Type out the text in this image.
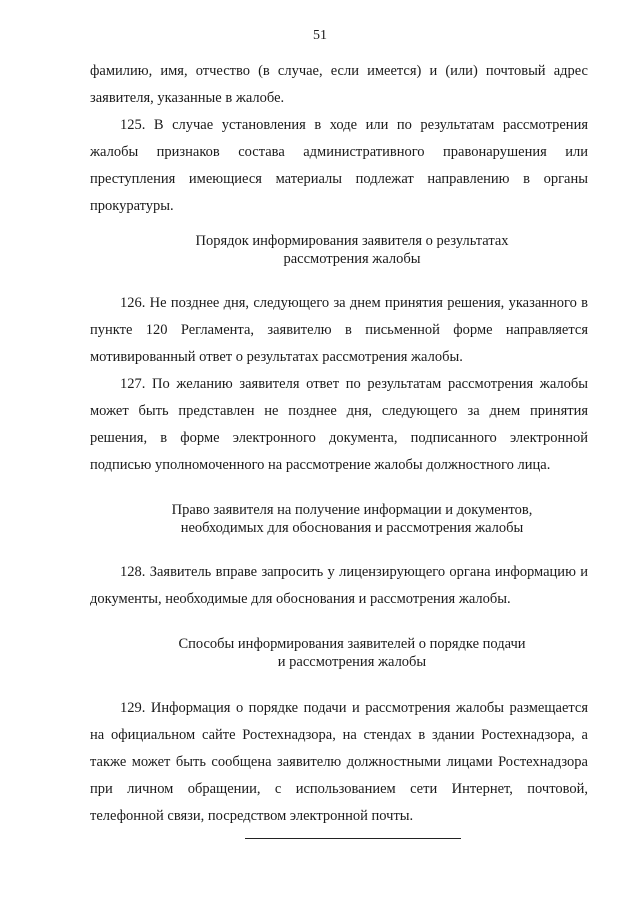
51

фамилию, имя, отчество (в случае, если имеется) и (или) почтовый адрес заявителя, указанные в жалобе.

125. В случае установления в ходе или по результатам рассмотрения жалобы признаков состава административного правонарушения или преступления имеющиеся материалы подлежат направлению в органы прокуратуры.

Порядок информирования заявителя о результатах
рассмотрения жалобы

126. Не позднее дня, следующего за днем принятия решения, указанного в пункте 120 Регламента, заявителю в письменной форме направляется мотивированный ответ о результатах рассмотрения жалобы.

127. По желанию заявителя ответ по результатам рассмотрения жалобы может быть представлен не позднее дня, следующего за днем принятия решения, в форме электронного документа, подписанного электронной подписью уполномоченного на рассмотрение жалобы должностного лица.

Право заявителя на получение информации и документов,
необходимых для обоснования и рассмотрения жалобы

128. Заявитель вправе запросить у лицензирующего органа информацию и документы, необходимые для обоснования и рассмотрения жалобы.

Способы информирования заявителей о порядке подачи
и рассмотрения жалобы

129. Информация о порядке подачи и рассмотрения жалобы размещается на официальном сайте Ростехнадзора, на стендах в здании Ростехнадзора, а также может быть сообщена заявителю должностными лицами Ростехнадзора при личном обращении, с использованием сети Интернет, почтовой, телефонной связи, посредством электронной почты.
